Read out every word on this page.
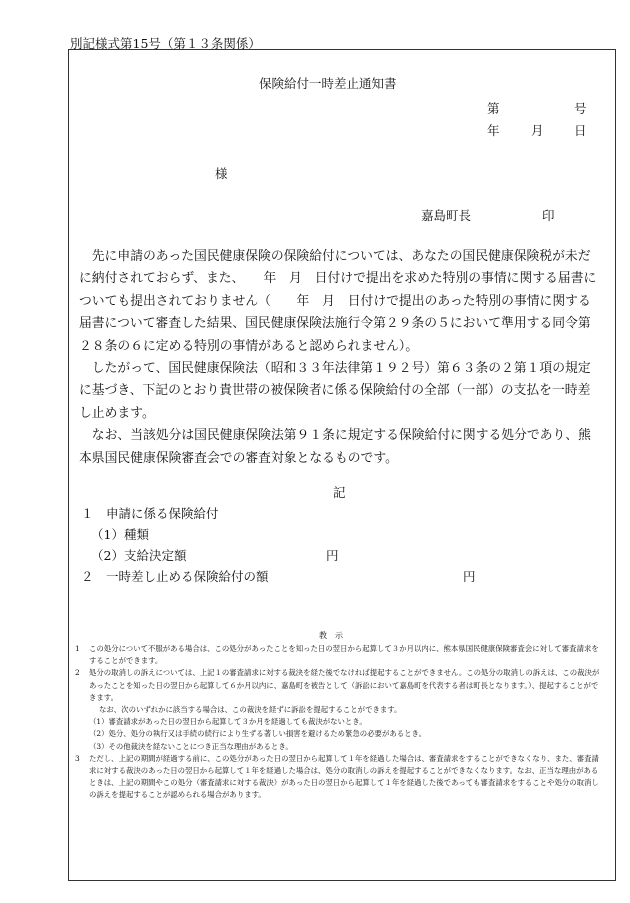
別記様式第15号（第１３条関係）
保険給付一時差止通知書
第	号
年	月 日
様
嘉島町長	印

先に申請のあった国民健康保険の保険給付については、あなたの国民健康保険税が未だに納付されておらず、また、　　年　月　日付けで提出を求めた特別の事情に関する届書についても提出されておりません（　　年　月　日付けで提出のあった特別の事情に関する届書について審査した結果、国民健康保険法施行令第２９条の５において準用する同令第２８条の６に定める特別の事情があると認められません）。

したがって、国民健康保険法（昭和３３年法律第１９２号）第６３条の２第１項の規定に基づき、下記のとおり貴世帯の被保険者に係る保険給付の全部（一部）の支払を一時差し止めます。

なお、当該処分は国民健康保険法第９１条に規定する保険給付に関する処分であり、熊本県国民健康保険審査会での審査対象となるものです。

記
１　申請に係る保険給付
（1）種類
（2）支給決定額	円
２　一時差し止める保険給付の額	円
教　示
1	この処分について不服がある場合は、この処分があったことを知った日の翌日から起算して３か月以内に、熊本県国民健康保険審査会に対して審査請求をすることができます。
2	処分の取消しの訴えについては、上記１の審査請求に対する裁決を経た後でなければ提起することができません。この処分の取消しの訴えは、この裁決があったことを知った日の翌日から起算して６か月以内に、嘉島町を被告として（訴訟において嘉島町を代表する者は町長となります。）、提起することができます。
なお、次のいずれかに該当する場合は、この裁決を経ずに訴訟を提起することができます。
（1）審査請求があった日の翌日から起算して３か月を経過しても裁決がないとき。
（2）処分、処分の執行又は手続の続行により生ずる著しい損害を避けるため緊急の必要があるとき。
（3）その他裁決を経ないことにつき正当な理由があるとき。
3	ただし、上記の期間が経過する前に、この処分があった日の翌日から起算して１年を経過した場合は、審査請求をすることができなくなり、また、審査請求に対する裁決のあった日の翌日から起算して１年を経過した場合は、処分の取消しの訴えを提起することができなくなります。なお、正当な理由があるときは、上記の期間やこの処分（審査請求に対する裁決）があった日の翌日から起算して１年を経過した後であっても審査請求をすることや処分の取消しの訴えを提起することが認められる場合があります。
